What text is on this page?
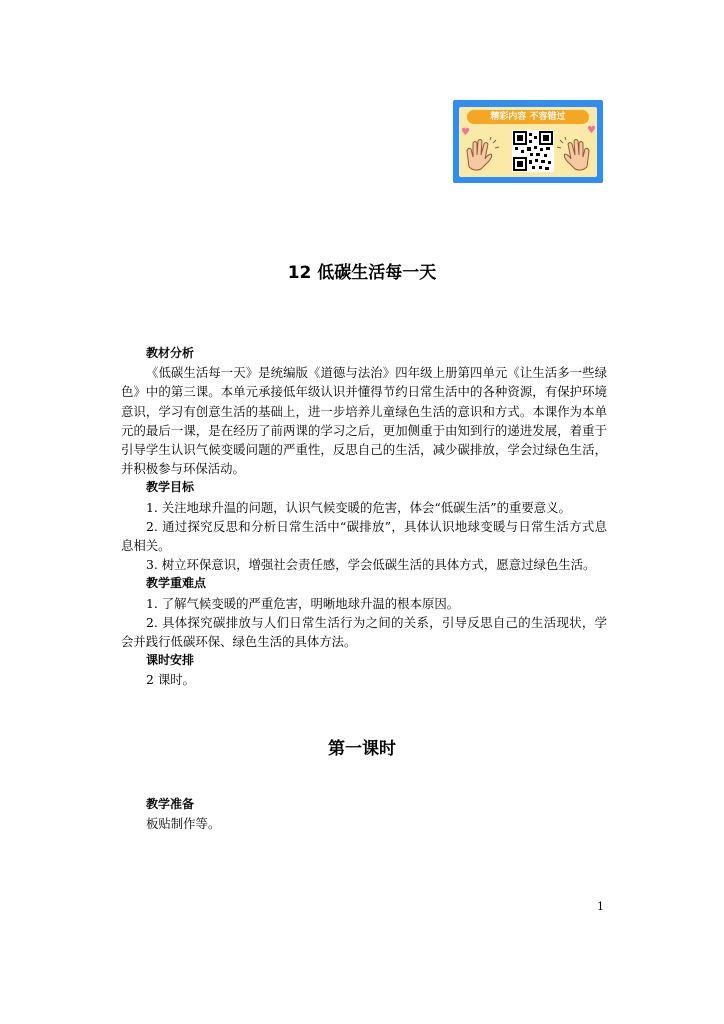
精彩内容 不容错过
♥	♥
12 低碳生活每一天
教材分析
《低碳生活每一天》是统编版《道德与法治》四年级上册第四单元《让生活多一些绿色》中的第三课。本单元承接低年级认识并懂得节约日常生活中的各种资源，有保护环境意识，学习有创意生活的基础上，进一步培养儿童绿色生活的意识和方式。本课作为本单元的最后一课，是在经历了前两课的学习之后，更加侧重于由知到行的递进发展，着重于引导学生认识气候变暖问题的严重性，反思自己的生活，减少碳排放，学会过绿色生活，并积极参与环保活动。
教学目标
1. 关注地球升温的问题，认识气候变暖的危害，体会“低碳生活”的重要意义。
2. 通过探究反思和分析日常生活中“碳排放”，具体认识地球变暖与日常生活方式息息相关。
3. 树立环保意识，增强社会责任感，学会低碳生活的具体方式，愿意过绿色生活。
教学重难点
1. 了解气候变暖的严重危害，明晰地球升温的根本原因。
2. 具体探究碳排放与人们日常生活行为之间的关系，引导反思自己的生活现状，学会并践行低碳环保、绿色生活的具体方法。
课时安排
2 课时。
第一课时
教学准备
板贴制作等。
1
